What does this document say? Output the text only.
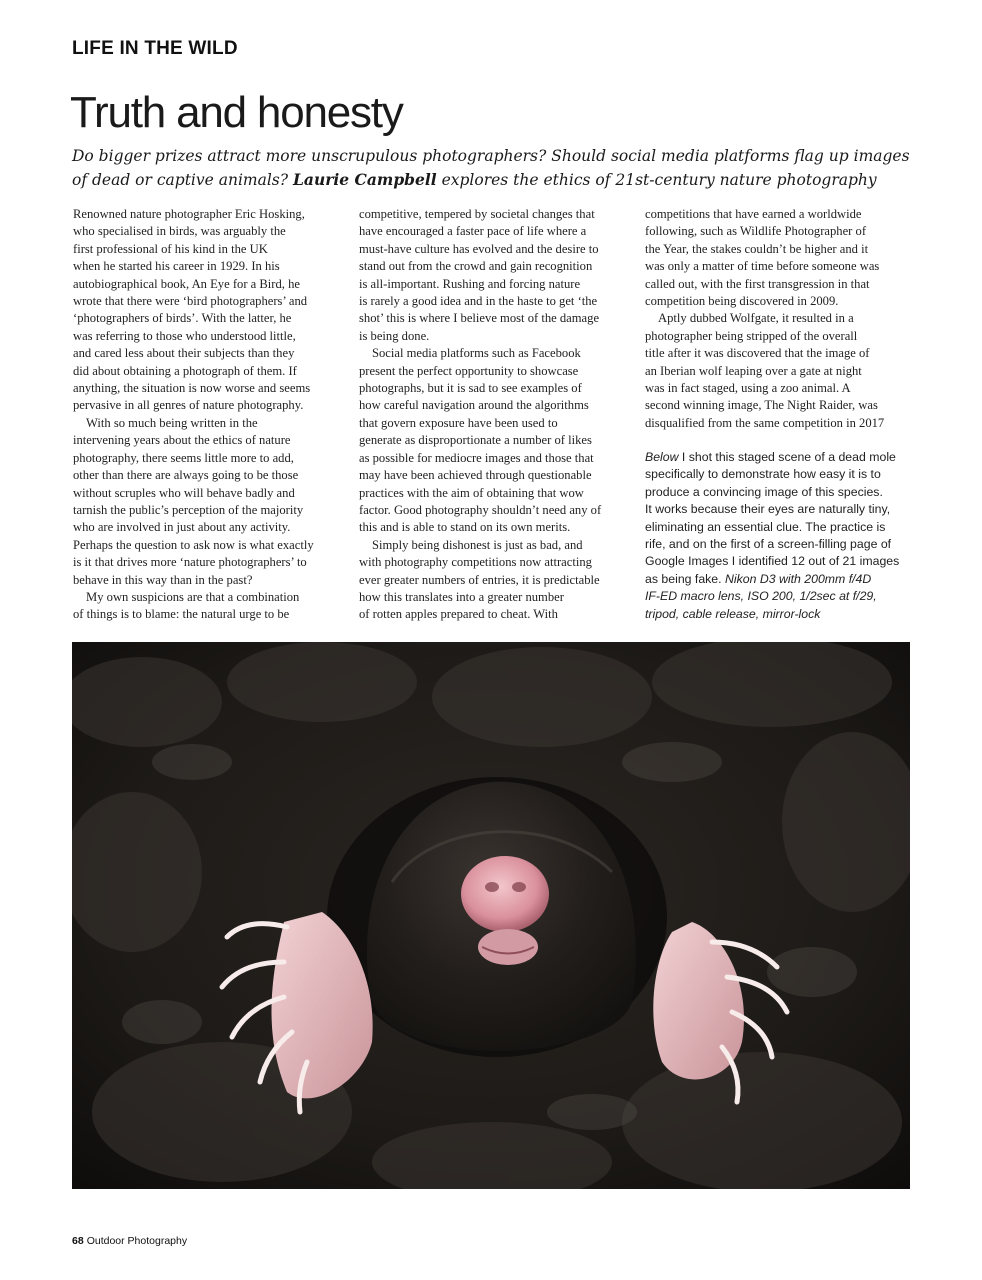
LIFE IN THE WILD
Truth and honesty
Do bigger prizes attract more unscrupulous photographers? Should social media platforms flag up images of dead or captive animals? Laurie Campbell explores the ethics of 21st-century nature photography

Renowned nature photographer Eric Hosking,

who specialised in birds, was arguably the

first professional of his kind in the UK

when he started his career in 1929. In his

autobiographical book, An Eye for a Bird, he

wrote that there were ‘bird photographers’ and

‘photographers of birds’. With the latter, he

was referring to those who understood little,

and cared less about their subjects than they

did about obtaining a photograph of them. If

anything, the situation is now worse and seems

pervasive in all genres of nature photography.

With so much being written in the

intervening years about the ethics of nature

photography, there seems little more to add,

other than there are always going to be those

without scruples who will behave badly and

tarnish the public’s perception of the majority

who are involved in just about any activity.

Perhaps the question to ask now is what exactly

is it that drives more ‘nature photographers’ to

behave in this way than in the past?

My own suspicions are that a combination

of things is to blame: the natural urge to be

competitive, tempered by societal changes that

have encouraged a faster pace of life where a

must-have culture has evolved and the desire to

stand out from the crowd and gain recognition

is all-important. Rushing and forcing nature

is rarely a good idea and in the haste to get ‘the

shot’ this is where I believe most of the damage

is being done.

Social media platforms such as Facebook

present the perfect opportunity to showcase

photographs, but it is sad to see examples of

how careful navigation around the algorithms

that govern exposure have been used to

generate as disproportionate a number of likes

as possible for mediocre images and those that

may have been achieved through questionable

practices with the aim of obtaining that wow

factor. Good photography shouldn’t need any of

this and is able to stand on its own merits.

Simply being dishonest is just as bad, and

with photography competitions now attracting

ever greater numbers of entries, it is predictable

how this translates into a greater number

of rotten apples prepared to cheat. With

competitions that have earned a worldwide

following, such as Wildlife Photographer of

the Year, the stakes couldn’t be higher and it

was only a matter of time before someone was

called out, with the first transgression in that

competition being discovered in 2009.

Aptly dubbed Wolfgate, it resulted in a

photographer being stripped of the overall

title after it was discovered that the image of

an Iberian wolf leaping over a gate at night

was in fact staged, using a zoo animal. A

second winning image, The Night Raider, was

disqualified from the same competition in 2017

Below I shot this staged scene of a dead mole
specifically to demonstrate how easy it is to
produce a convincing image of this species.
It works because their eyes are naturally tiny,
eliminating an essential clue. The practice is
rife, and on the first of a screen-filling page of
Google Images I identified 12 out of 21 images
as being fake. Nikon D3 with 200mm f/4D
IF-ED macro lens, ISO 200, 1/2sec at f/29,
tripod, cable release, mirror-lock
68 Outdoor Photography
